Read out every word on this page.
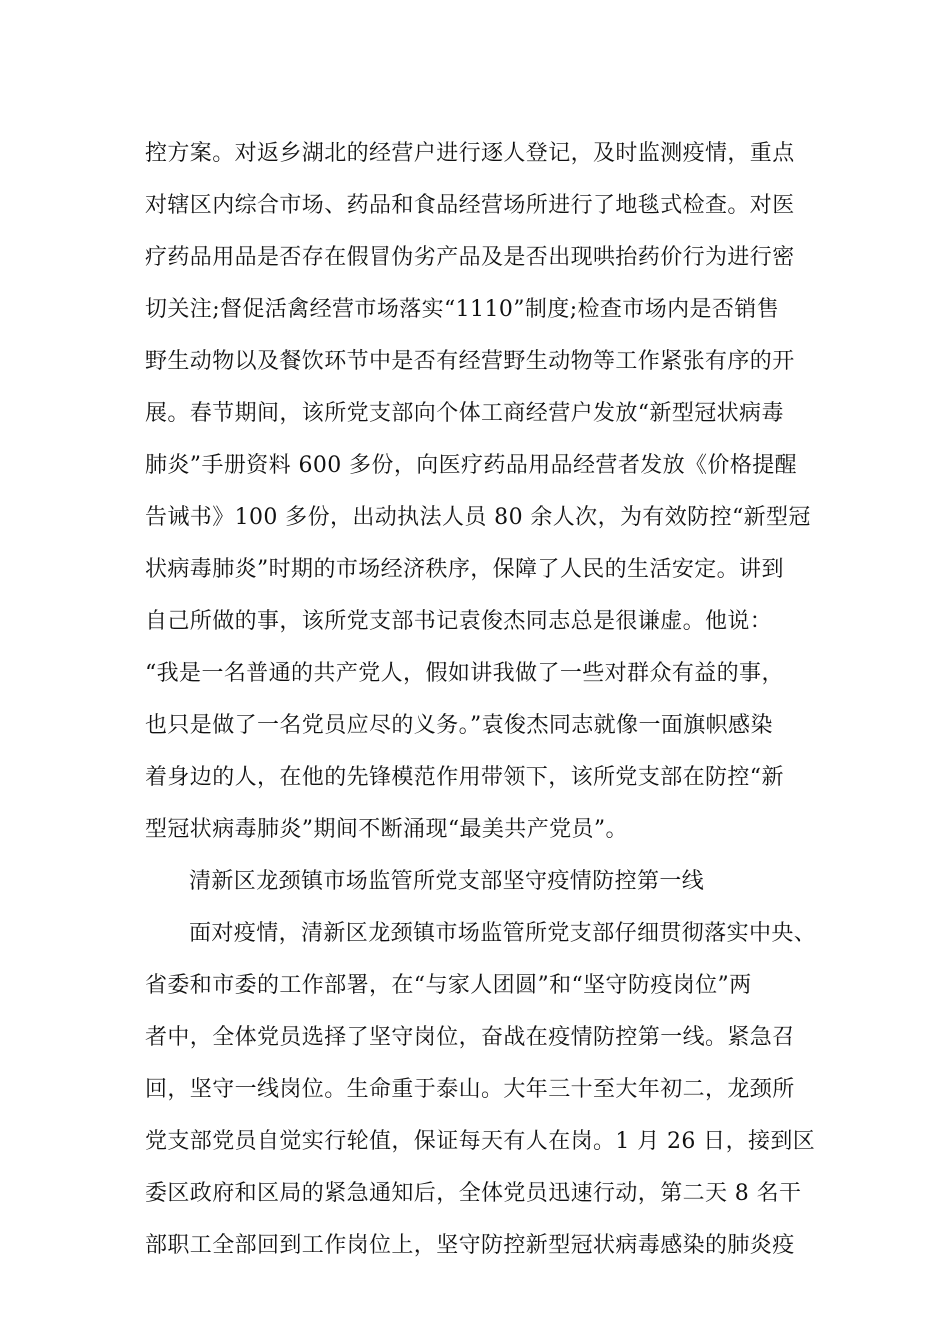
控方案。对返乡湖北的经营户进行逐人登记，及时监测疫情，重点
对辖区内综合市场、药品和食品经营场所进行了地毯式检查。对医
疗药品用品是否存在假冒伪劣产品及是否出现哄抬药价行为进行密
切关注;督促活禽经营市场落实“1110”制度;检查市场内是否销售
野生动物以及餐饮环节中是否有经营野生动物等工作紧张有序的开
展。春节期间，该所党支部向个体工商经营户发放“新型冠状病毒
肺炎”手册资料 600 多份，向医疗药品用品经营者发放《价格提醒
告诫书》100 多份，出动执法人员 80 余人次，为有效防控“新型冠
状病毒肺炎”时期的市场经济秩序，保障了人民的生活安定。讲到
自己所做的事，该所党支部书记袁俊杰同志总是很谦虚。他说：
“我是一名普通的共产党人，假如讲我做了一些对群众有益的事，
也只是做了一名党员应尽的义务。”袁俊杰同志就像一面旗帜感染
着身边的人，在他的先锋模范作用带领下，该所党支部在防控“新
型冠状病毒肺炎”期间不断涌现“最美共产党员”。
清新区龙颈镇市场监管所党支部坚守疫情防控第一线
面对疫情，清新区龙颈镇市场监管所党支部仔细贯彻落实中央、
省委和市委的工作部署，在“与家人团圆”和“坚守防疫岗位”两
者中，全体党员选择了坚守岗位，奋战在疫情防控第一线。紧急召
回，坚守一线岗位。生命重于泰山。大年三十至大年初二，龙颈所
党支部党员自觉实行轮值，保证每天有人在岗。1 月 26 日，接到区
委区政府和区局的紧急通知后，全体党员迅速行动，第二天 8 名干
部职工全部回到工作岗位上，坚守防控新型冠状病毒感染的肺炎疫
